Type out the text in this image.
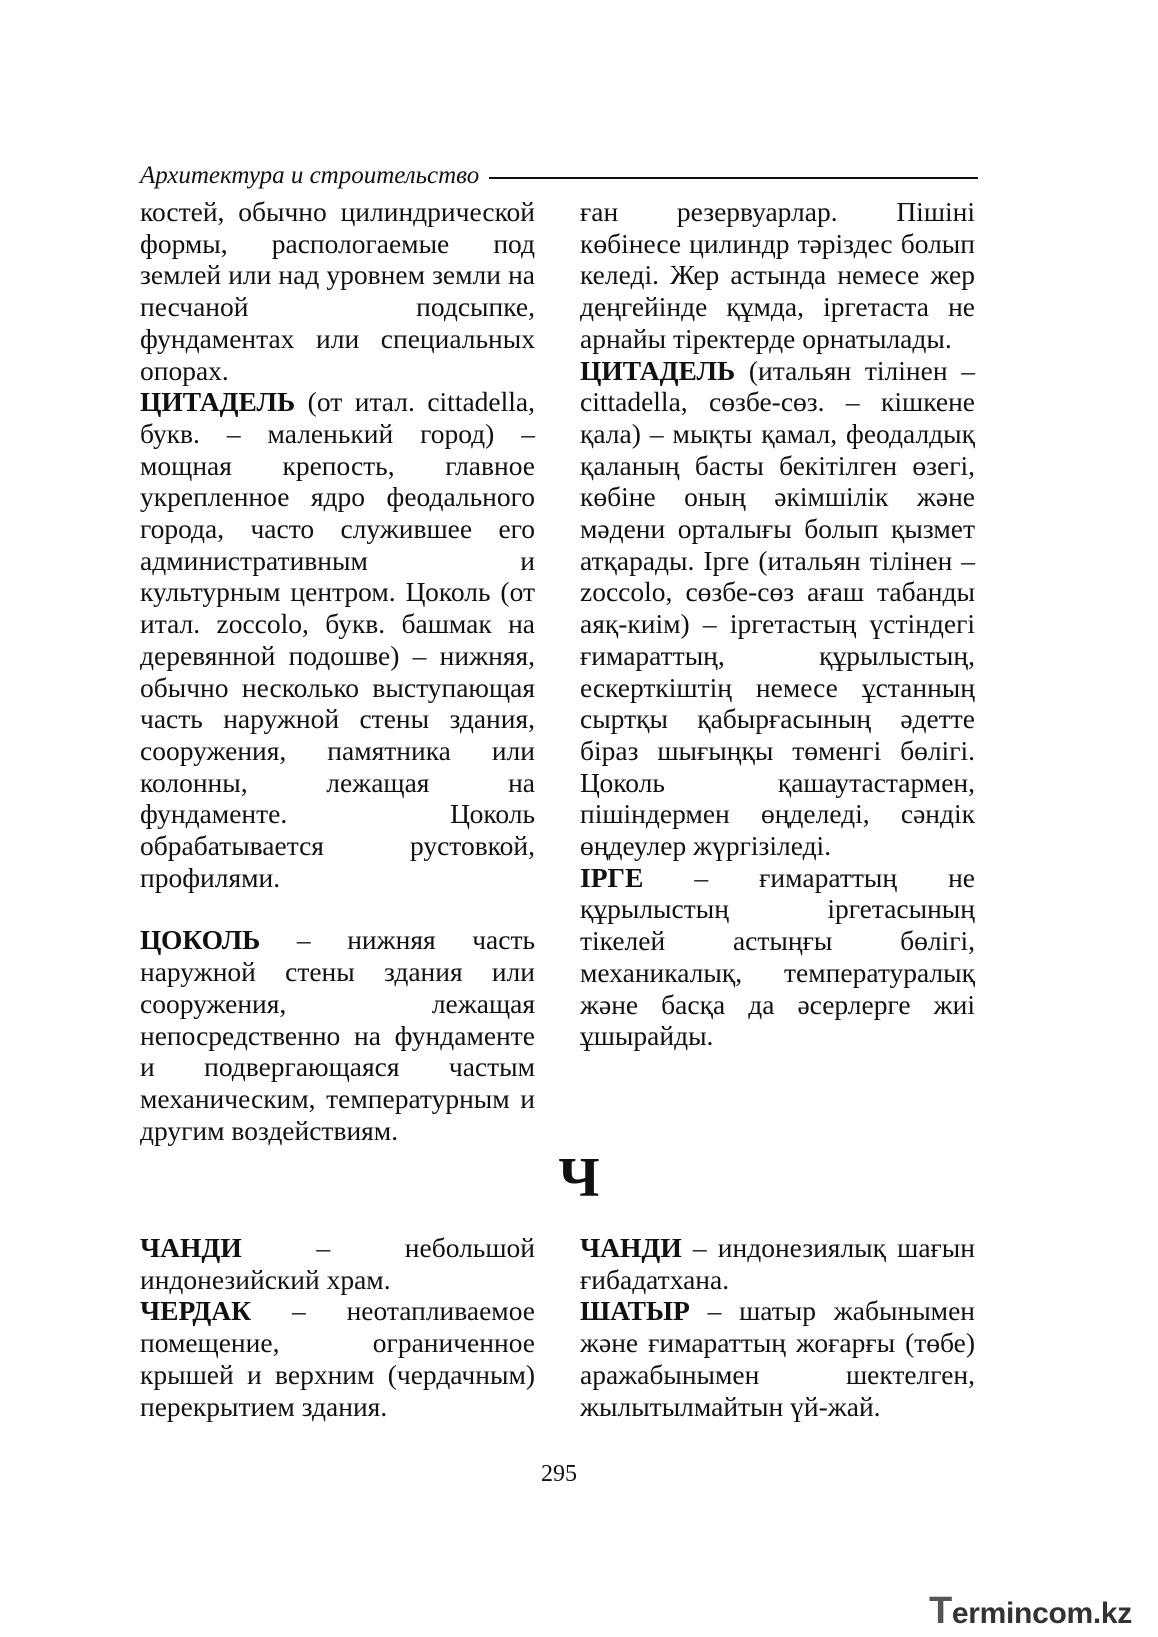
Архитектура и строительство

костей, обычно цилиндрической формы, распологаемые под землей или над уровнем земли на песчаной подсыпке, фундаментах или специальных опорах.

ЦИТАДЕЛЬ (от итал. cittadella, букв. – маленький город) – мощная крепость, главное укрепленное ядро феодального города, часто служившее его административным и культурным центром. Цоколь (от итал. zoccolo, букв. башмак на деревянной подошве) – нижняя, обычно несколько выступающая часть наружной стены здания, сооружения, памятника или колонны, лежащая на фундаменте. Цоколь обрабатывается рустовкой, профилями.

ЦОКОЛЬ – нижняя часть наружной стены здания или сооружения, лежащая непосредственно на фундаменте и подвергающаяся частым механическим, температурным и другим воздействиям.

ған резервуарлар. Пішіні көбінесе цилиндр тәріздес болып келеді. Жер астында немесе жер деңгейінде құмда, іргетаста не арнайы тіректерде орнатылады.

ЦИТАДЕЛЬ (итальян тілінен – cittadella, сөзбе-сөз. – кішкене қала) – мықты қамал, феодалдық қаланың басты бекітілген өзегі, көбіне оның әкімшілік және мәдени орталығы болып қызмет атқарады. Ірге (итальян тілінен – zoccolo, сөзбе-сөз ағаш табанды аяқ-киім) – іргетастың үстіндегі ғимараттың, құрылыстың, ескерткіштің немесе ұстанның сыртқы қабырғасының әдетте біраз шығыңқы төменгі бөлігі. Цоколь қашаутастармен, пішіндермен өңделеді, сәндік өңдеулер жүргізіледі.

ІРГЕ – ғимараттың не құрылыстың іргетасының тікелей астыңғы бөлігі, механикалық, температуралық және басқа да әсерлерге жиі ұшырайды.

Ч

ЧАНДИ – небольшой индонезийский храм.

ЧЕРДАК – неотапливаемое помещение, ограниченное крышей и верхним (чердачным) перекрытием здания.

ЧАНДИ – индонезиялық шағын ғибадатхана.

ШАТЫР – шатыр жабынымен және ғимараттың жоғарғы (төбе) аражабынымен шектелген, жылытылмайтын үй-жай.

295
Termincom.kz
